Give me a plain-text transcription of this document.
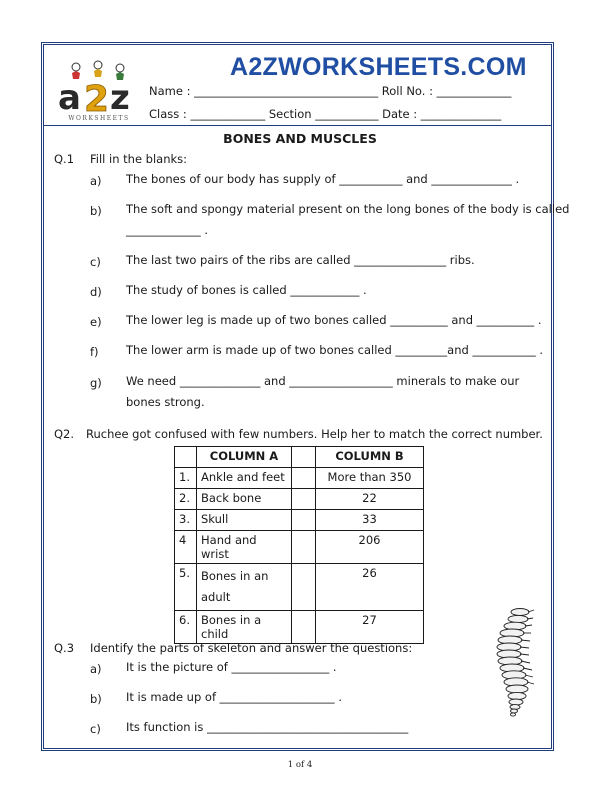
A2ZWORKSHEETS.COM
a 2 z
WORKSHEETS
Name : ________________________________ Roll No. : _____________
Class : _____________ Section ___________ Date : ______________
BONES AND MUSCLES
Q.1 Fill in the blanks:
a) The bones of our body has supply of ___________ and ______________ .
b) The soft and spongy material present on the long bones of the body is called
_____________ .
c) The last two pairs of the ribs are called ________________ ribs.
d) The study of bones is called ____________ .
e) The lower leg is made up of two bones called __________ and __________ .
f) The lower arm is made up of two bones called _________and ___________ .
g) We need ______________ and __________________ minerals to make our
bones strong.
Q2. Ruchee got confused with few numbers. Help her to match the correct number.
	COLUMN A		COLUMN B
1.	Ankle and feet		More than 350
2.	Back bone		22
3.	Skull		33
4	Hand and wrist		206
5.	Bones in an adult		26
6.	Bones in a child		27
Q.3 Identify the parts of skeleton and answer the questions:
a) It is the picture of _________________ .
b) It is made up of ____________________ .
c) Its function is ___________________________________
1 of 4
